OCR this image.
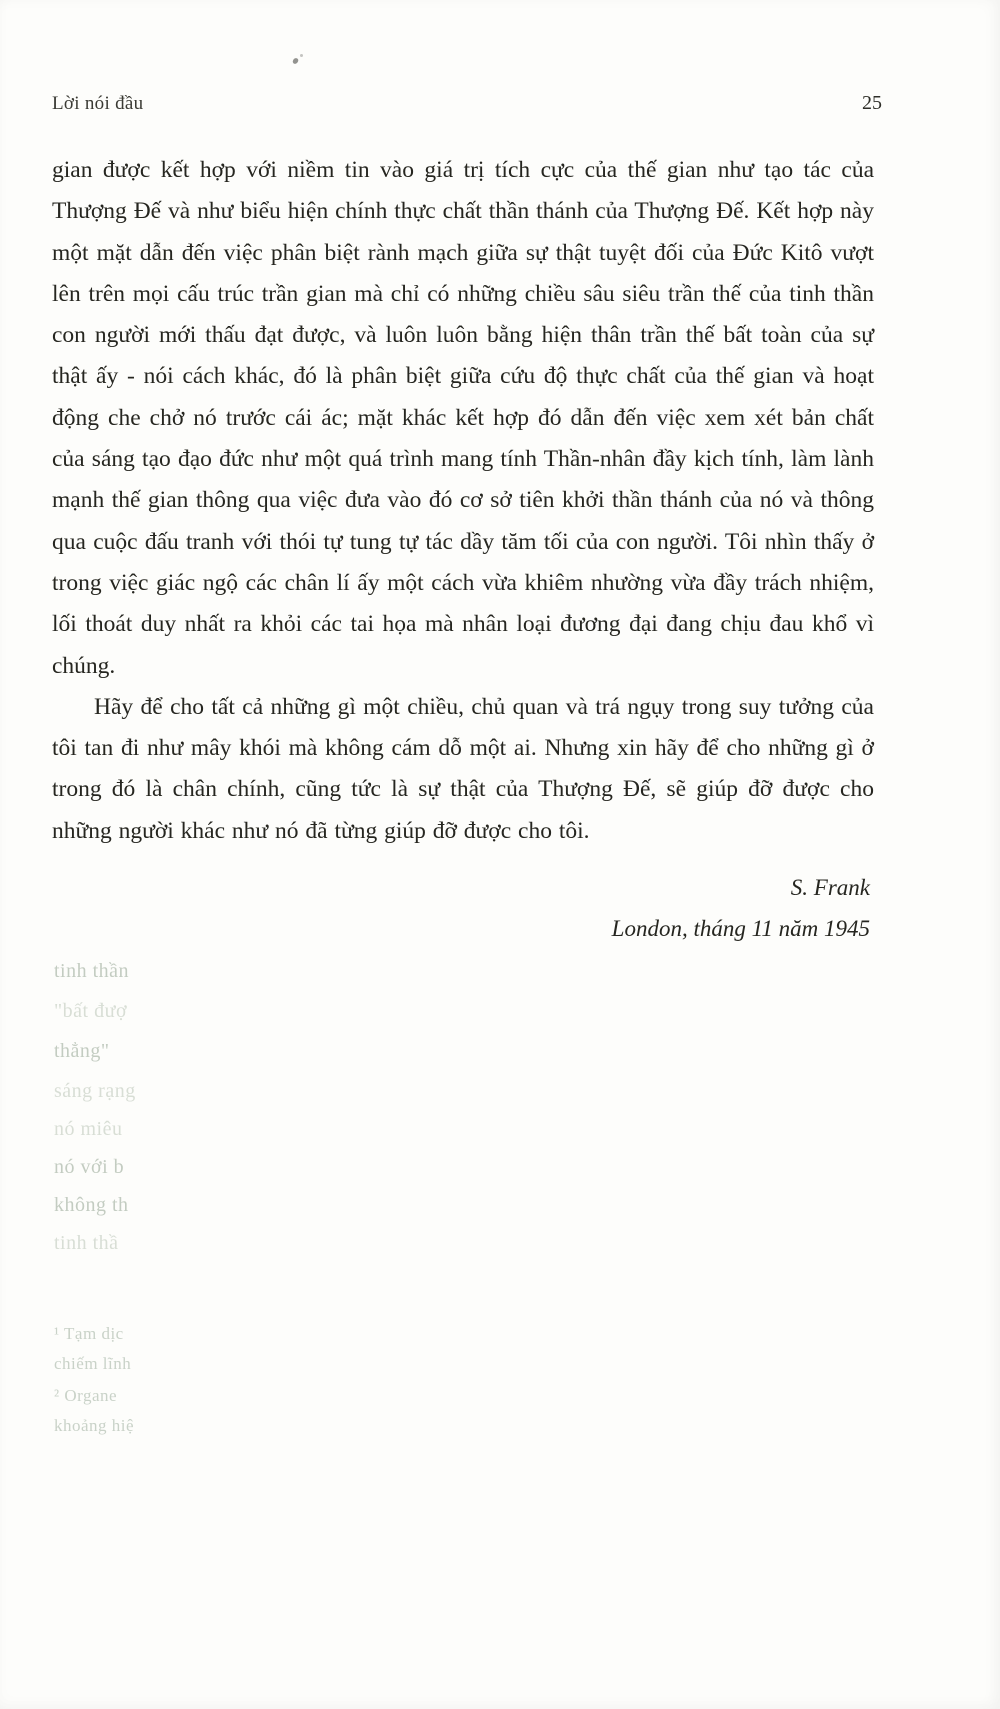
Lời nói đầu	25

gian được kết hợp với niềm tin vào giá trị tích cực của thế gian như tạo tác của Thượng Đế và như biểu hiện chính thực chất thần thánh của Thượng Đế. Kết hợp này một mặt dẫn đến việc phân biệt rành mạch giữa sự thật tuyệt đối của Đức Kitô vượt lên trên mọi cấu trúc trần gian mà chỉ có những chiều sâu siêu trần thế của tinh thần con người mới thấu đạt được, và luôn luôn bằng hiện thân trần thế bất toàn của sự thật ấy - nói cách khác, đó là phân biệt giữa cứu độ thực chất của thế gian và hoạt động che chở nó trước cái ác; mặt khác kết hợp đó dẫn đến việc xem xét bản chất của sáng tạo đạo đức như một quá trình mang tính Thần-nhân đầy kịch tính, làm lành mạnh thế gian thông qua việc đưa vào đó cơ sở tiên khởi thần thánh của nó và thông qua cuộc đấu tranh với thói tự tung tự tác dầy tăm tối của con người. Tôi nhìn thấy ở trong việc giác ngộ các chân lí ấy một cách vừa khiêm nhường vừa đầy trách nhiệm, lối thoát duy nhất ra khỏi các tai họa mà nhân loại đương đại đang chịu đau khổ vì chúng.

Hãy để cho tất cả những gì một chiều, chủ quan và trá ngụy trong suy tưởng của tôi tan đi như mây khói mà không cám dỗ một ai. Nhưng xin hãy để cho những gì ở trong đó là chân chính, cũng tức là sự thật của Thượng Đế, sẽ giúp đỡ được cho những người khác như nó đã từng giúp đỡ được cho tôi.

S. Frank
London, tháng 11 năm 1945
tinh thần
"bất đượ
thẳng"
sáng rạng
nó miêu
nó với b
không th
tinh thầ
¹ Tạm dịc
chiếm lĩnh
² Organe
khoảng hiệ
